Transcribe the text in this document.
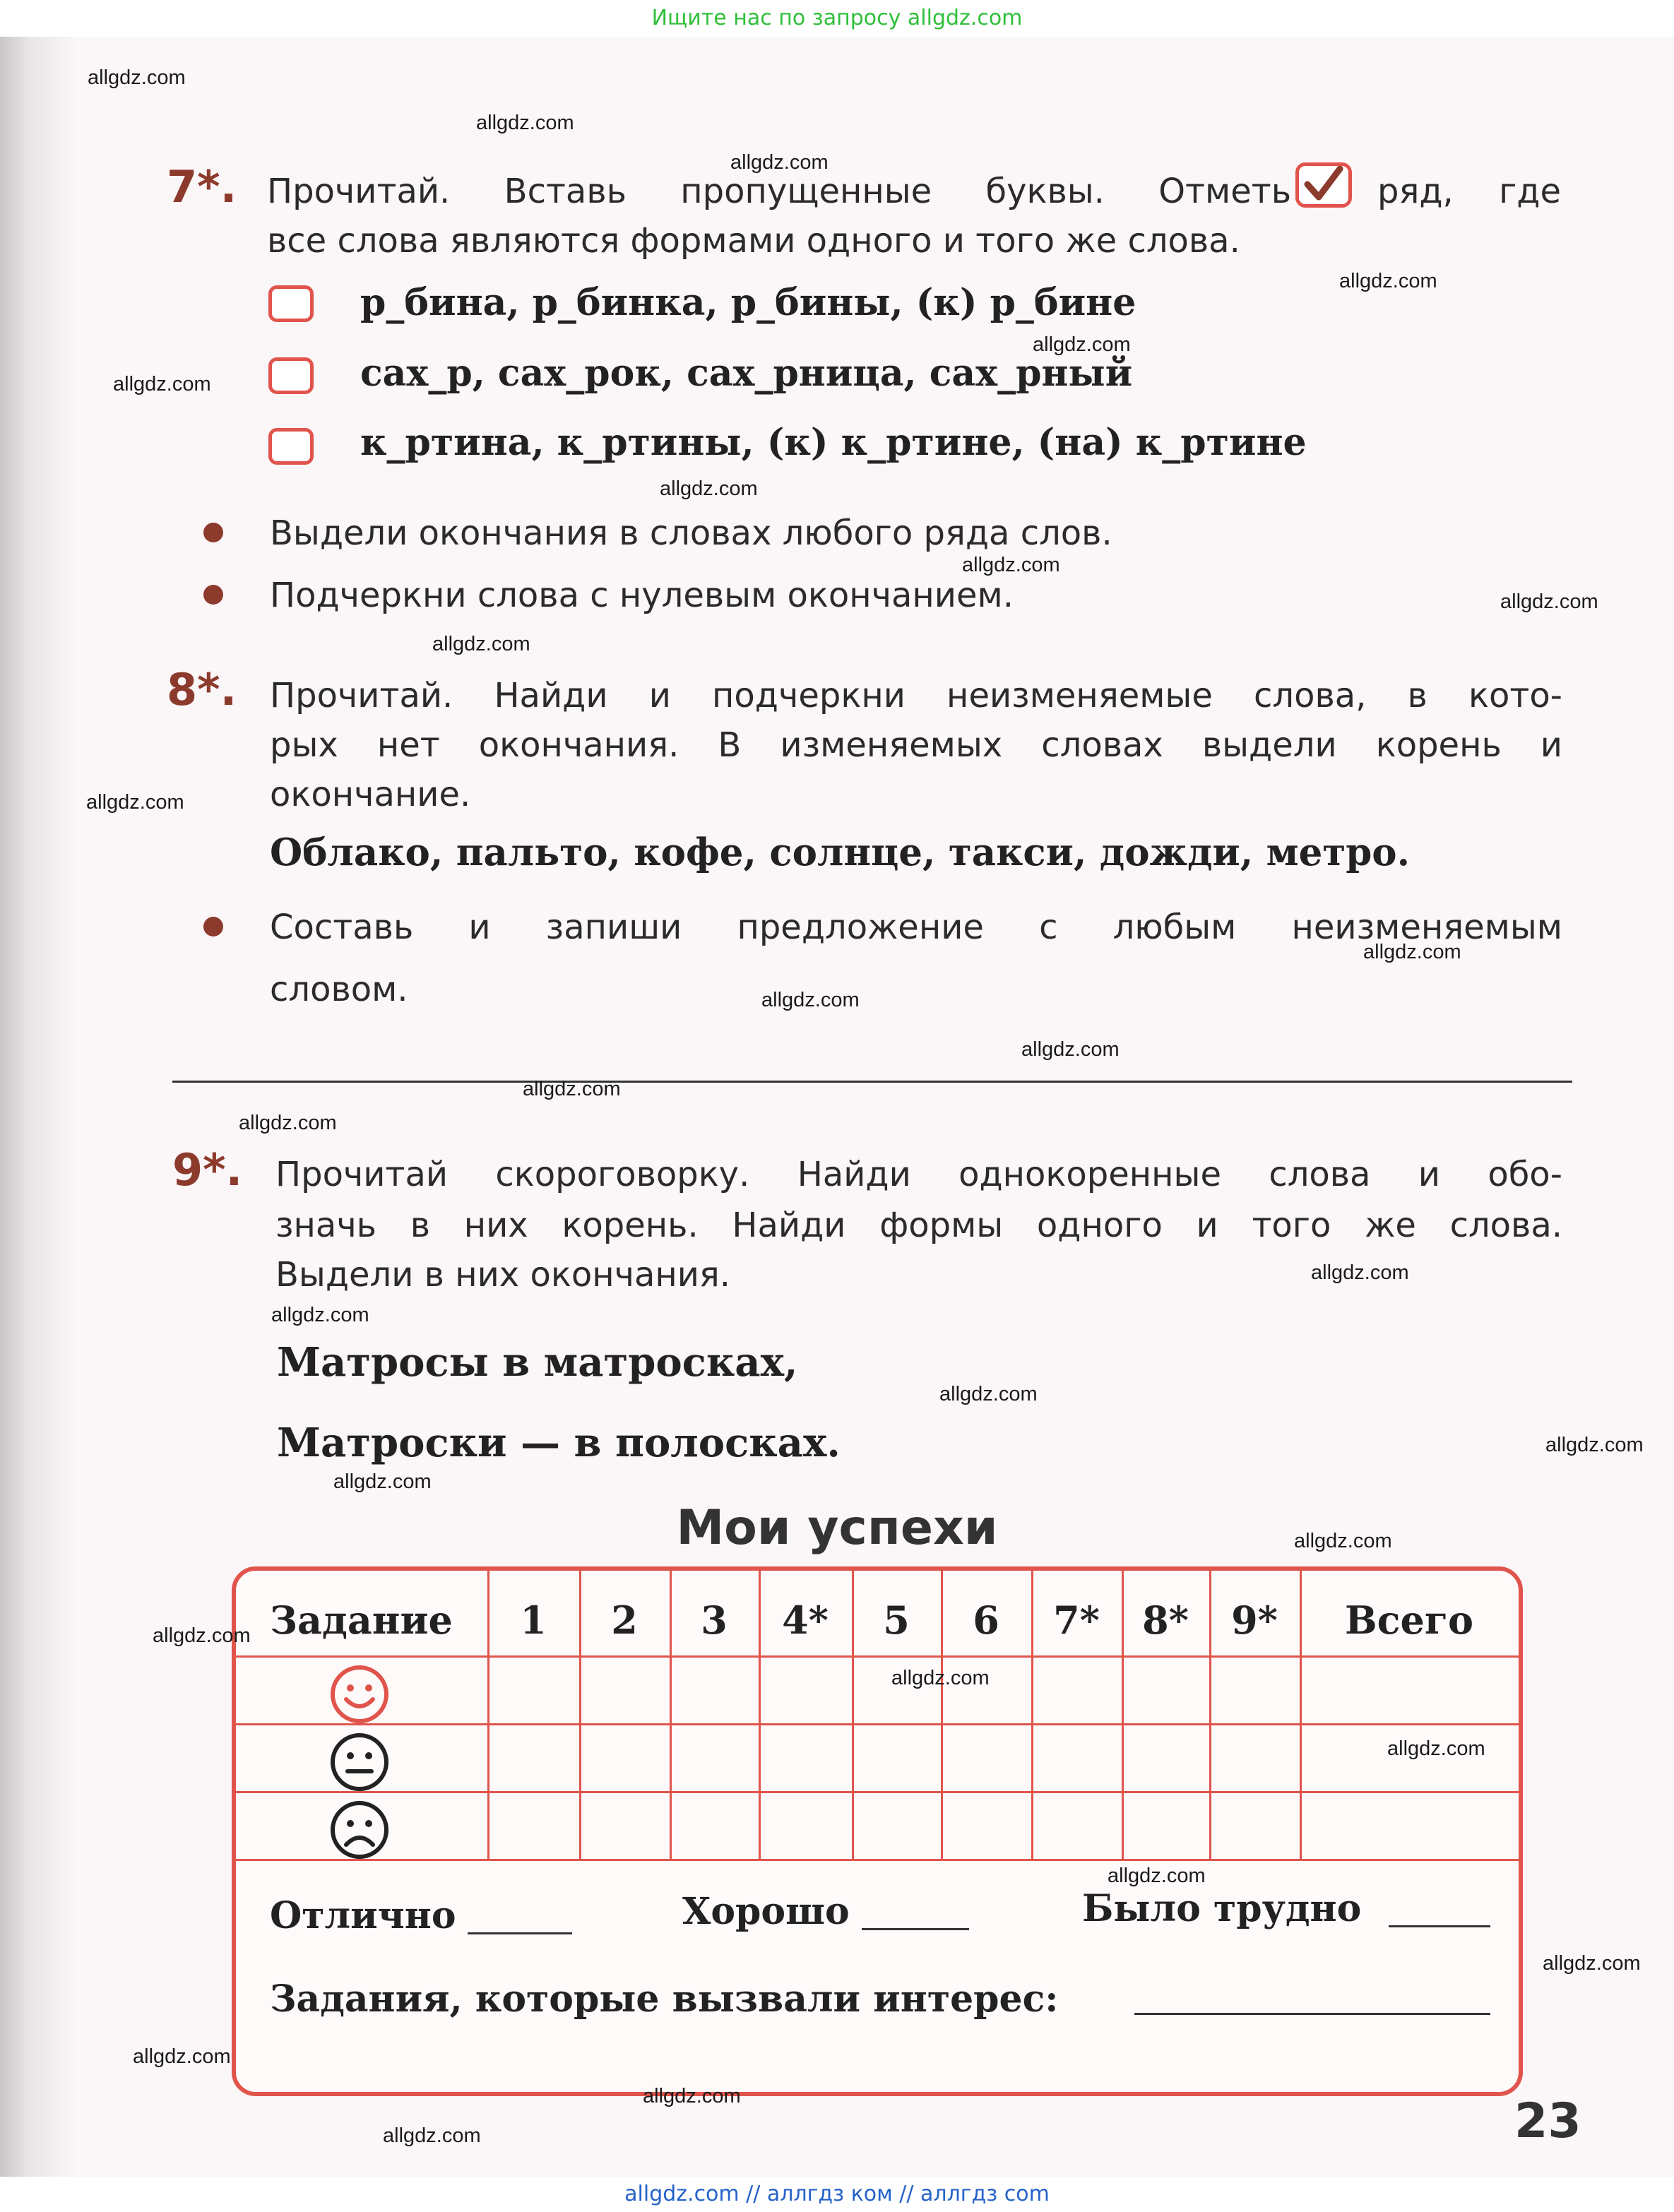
Ищите нас по запросу allgdz.com
7*. Прочитай. Вставь пропущенные буквы. Отметь	ряд, где
все слова являются формами одного и того же слова.
р_бина, р_бинка, р_бины, (к) р_бине
сах_р, сах_рок, сах_рница, сах_рный
к_ртина, к_ртины, (к) к_ртине, (на) к_ртине
Выдели окончания в словах любого ряда слов.
Подчеркни слова с нулевым окончанием.
8*. Прочитай. Найди и подчеркни неизменяемые слова, в кото-
рых нет окончания. В изменяемых словах выдели корень и
окончание.
Облако, пальто, кофе, солнце, такси, дожди, метро.
Составь и запиши предложение с любым неизменяемым
словом.
9*. Прочитай скороговорку. Найди однокоренные слова и обо-
значь в них корень. Найди формы одного и того же слова.
Выдели в них окончания.
Матросы в матросках,
Матроски — в полосках.
Мои успехи
Задание	1	2	3	4*	5	6	7*	8*	9*	Всего
Отлично	Хорошо	Было трудно
Задания, которые вызвали интерес:
23
allgdz.com
allgdz.com
allgdz.com
allgdz.com
allgdz.com
allgdz.com
allgdz.com
allgdz.com
allgdz.com
allgdz.com
allgdz.com
allgdz.com
allgdz.com
allgdz.com
allgdz.com
allgdz.com
allgdz.com
allgdz.com
allgdz.com
allgdz.com
allgdz.com
allgdz.com
allgdz.com
allgdz.com
allgdz.com
allgdz.com
allgdz.com
allgdz.com
allgdz.com
allgdz.com
allgdz.com // аллгдз ком // аллгдз com
